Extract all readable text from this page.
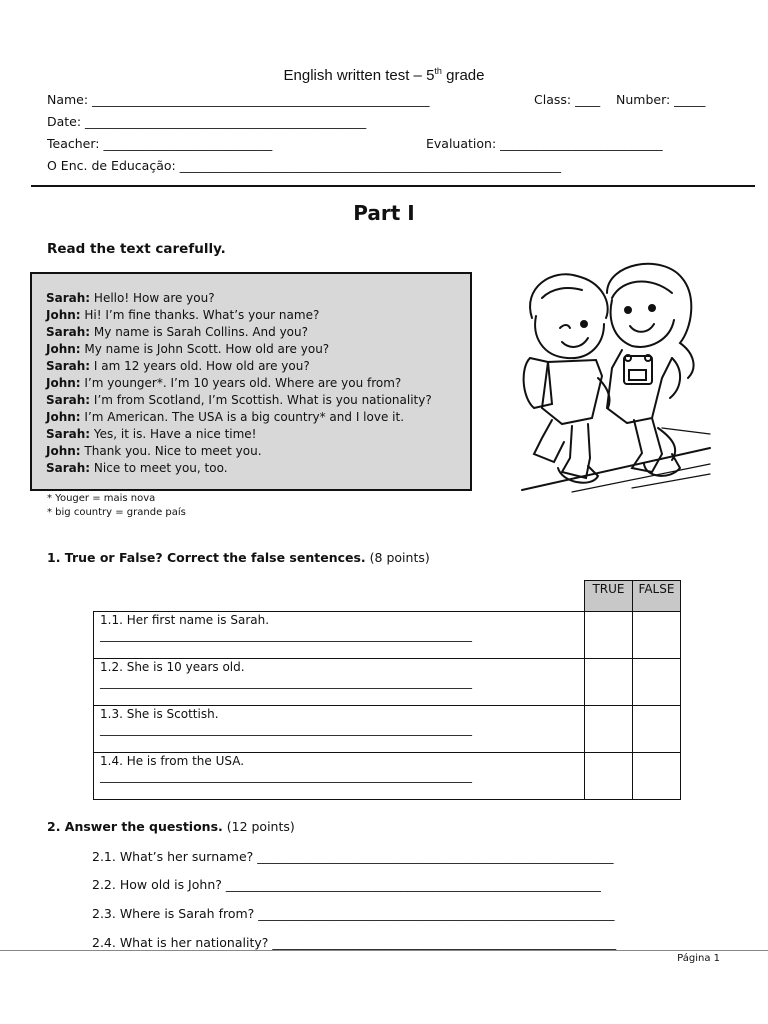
English written test – 5th grade
Name: ______________________________________________________	Class: ____ Number: _____
Date: _____________________________________________
Teacher: ___________________________	Evaluation: __________________________
O Enc. de Educação: _____________________________________________________________
Part I
Read the text carefully.
Sarah: Hello! How are you?
John: Hi! I’m fine thanks. What’s your name?
Sarah: My name is Sarah Collins. And you?
John: My name is John Scott. How old are you?
Sarah: I am 12 years old. How old are you?
John: I’m younger*. I’m 10 years old. Where are you from?
Sarah: I’m from Scotland, I’m Scottish. What is you nationality?
John: I’m American. The USA is a big country* and I love it.
Sarah: Yes, it is. Have a nice time!
John: Thank you. Nice to meet you.
Sarah: Nice to meet you, too.
* Youger = mais nova
* big country = grande país
1. True or False? Correct the false sentences. (8 points)
	TRUE	FALSE

1.1. Her first name is Sarah.
______________________________________________________________		

1.2. She is 10 years old.
______________________________________________________________		

1.3. She is Scottish.
______________________________________________________________		

1.4. He is from the USA.
______________________________________________________________		

2. Answer the questions. (12 points)
2.1. What’s her surname? _________________________________________________________
2.2. How old is John? ____________________________________________________________
2.3. Where is Sarah from? _________________________________________________________
2.4. What is her nationality? _______________________________________________________
Página 1
